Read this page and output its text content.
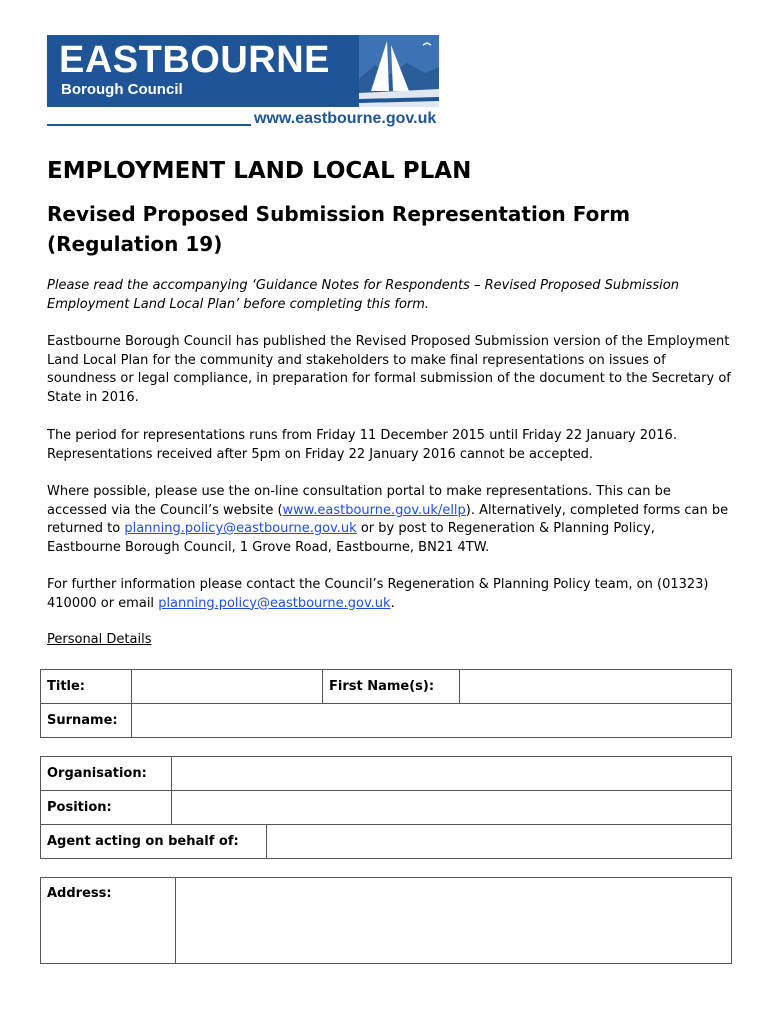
EASTBOURNE
Borough Council
www.eastbourne.gov.uk
EMPLOYMENT LAND LOCAL PLAN
Revised Proposed Submission Representation Form (Regulation 19)
Please read the accompanying ‘Guidance Notes for Respondents – Revised Proposed Submission Employment Land Local Plan’ before completing this form.
Eastbourne Borough Council has published the Revised Proposed Submission version of the Employment Land Local Plan for the community and stakeholders to make final representations on issues of soundness or legal compliance, in preparation for formal submission of the document to the Secretary of State in 2016.
The period for representations runs from Friday 11 December 2015 until Friday 22 January 2016. Representations received after 5pm on Friday 22 January 2016 cannot be accepted.
Where possible, please use the on-line consultation portal to make representations. This can be accessed via the Council’s website (www.eastbourne.gov.uk/ellp). Alternatively, completed forms can be returned to planning.policy@eastbourne.gov.uk or by post to Regeneration & Planning Policy, Eastbourne Borough Council, 1 Grove Road, Eastbourne, BN21 4TW.
For further information please contact the Council’s Regeneration & Planning Policy team, on (01323) 410000 or email planning.policy@eastbourne.gov.uk.
Personal Details
Title:		First Name(s):	
Surname:			
Organisation:		
Position:		
Agent acting on behalf of:		
Address:	
